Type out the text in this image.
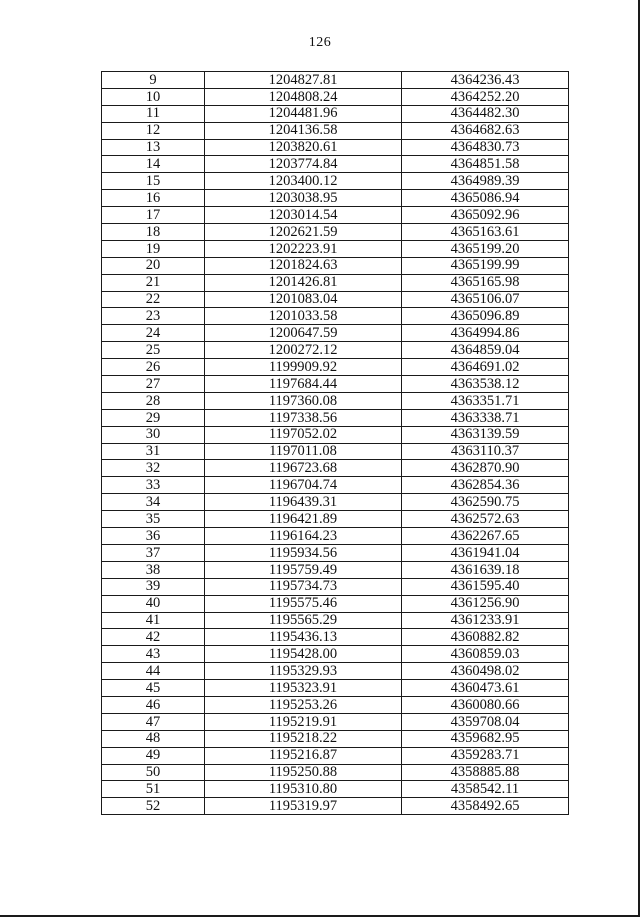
126
9	1204827.81	4364236.43
10	1204808.24	4364252.20
11	1204481.96	4364482.30
12	1204136.58	4364682.63
13	1203820.61	4364830.73
14	1203774.84	4364851.58
15	1203400.12	4364989.39
16	1203038.95	4365086.94
17	1203014.54	4365092.96
18	1202621.59	4365163.61
19	1202223.91	4365199.20
20	1201824.63	4365199.99
21	1201426.81	4365165.98
22	1201083.04	4365106.07
23	1201033.58	4365096.89
24	1200647.59	4364994.86
25	1200272.12	4364859.04
26	1199909.92	4364691.02
27	1197684.44	4363538.12
28	1197360.08	4363351.71
29	1197338.56	4363338.71
30	1197052.02	4363139.59
31	1197011.08	4363110.37
32	1196723.68	4362870.90
33	1196704.74	4362854.36
34	1196439.31	4362590.75
35	1196421.89	4362572.63
36	1196164.23	4362267.65
37	1195934.56	4361941.04
38	1195759.49	4361639.18
39	1195734.73	4361595.40
40	1195575.46	4361256.90
41	1195565.29	4361233.91
42	1195436.13	4360882.82
43	1195428.00	4360859.03
44	1195329.93	4360498.02
45	1195323.91	4360473.61
46	1195253.26	4360080.66
47	1195219.91	4359708.04
48	1195218.22	4359682.95
49	1195216.87	4359283.71
50	1195250.88	4358885.88
51	1195310.80	4358542.11
52	1195319.97	4358492.65
